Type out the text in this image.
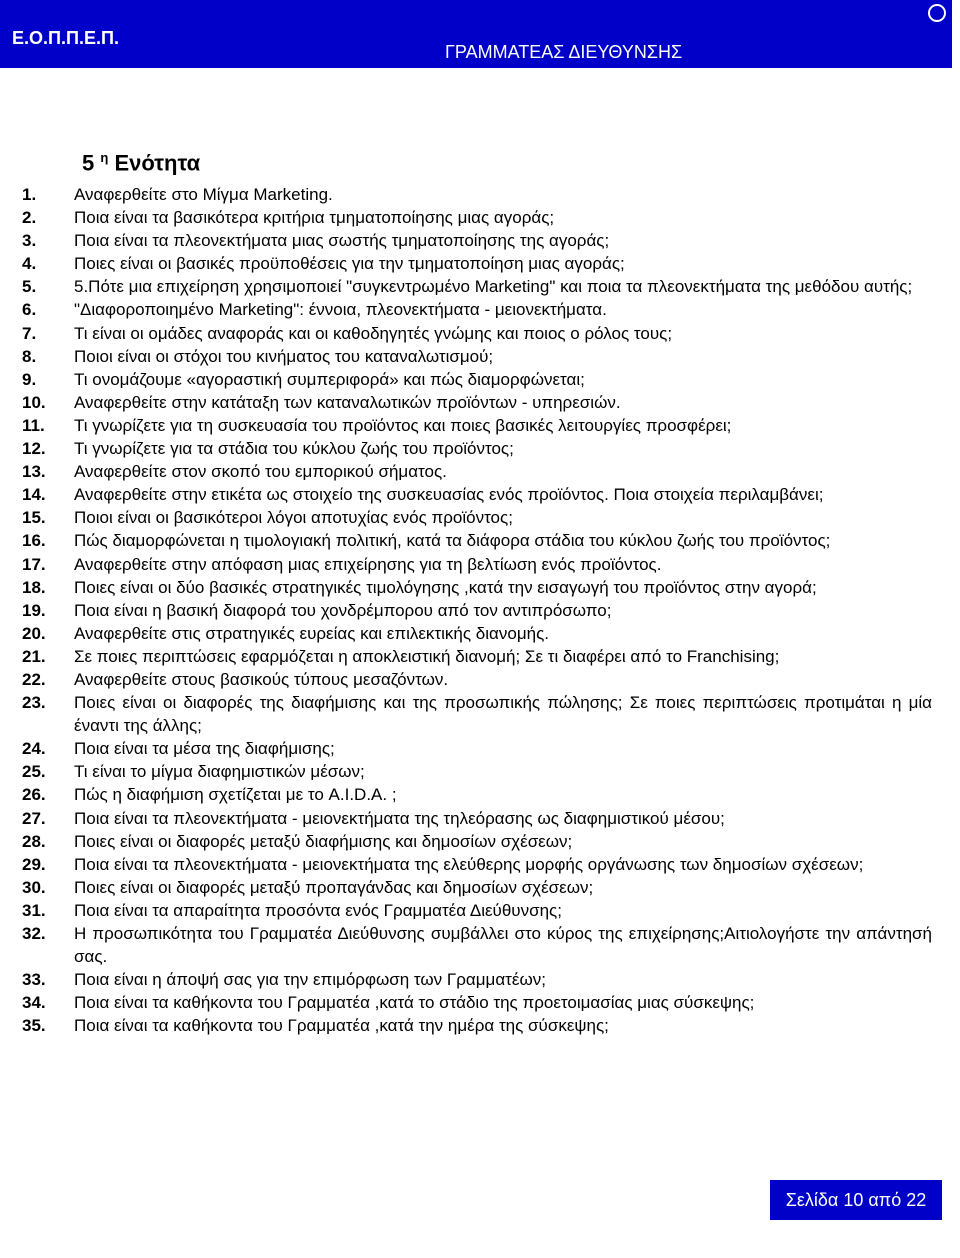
Ε.Ο.Π.Π.Ε.Π.
ΓΡΑΜΜΑΤΕΑΣ ΔΙΕΥΘΥΝΣΗΣ
5 $^\eta$ Ενότητα
1.	Αναφερθείτε στο Μίγμα Marketing.
2.	Ποια είναι τα βασικότερα κριτήρια τμηματοποίησης μιας αγοράς;
3.	Ποια είναι τα πλεονεκτήματα μιας σωστής τμηματοποίησης της αγοράς;
4.	Ποιες είναι οι βασικές προϋποθέσεις για την τμηματοποίηση μιας αγοράς;
5.	5.Πότε μια επιχείρηση χρησιμοποιεί "συγκεντρωμένο Marketing" και ποια τα πλεονεκτήματα της μεθόδου αυτής;
6.	"Διαφοροποιημένο Marketing": έννοια, πλεονεκτήματα - μειονεκτήματα.
7.	Τι είναι οι ομάδες αναφοράς και οι καθοδηγητές γνώμης και ποιος ο ρόλος τους;
8.	Ποιοι είναι οι στόχοι του κινήματος του καταναλωτισμού;
9.	Τι ονομάζουμε «αγοραστική συμπεριφορά» και πώς διαμορφώνεται;
10.	Αναφερθείτε στην κατάταξη των καταναλωτικών προϊόντων - υπηρεσιών.
11.	Τι γνωρίζετε για τη συσκευασία του προϊόντος και ποιες βασικές λειτουργίες προσφέρει;
12.	Τι γνωρίζετε για τα στάδια του κύκλου ζωής του προϊόντος;
13.	Αναφερθείτε στον σκοπό του εμπορικού σήματος.
14.	Αναφερθείτε στην ετικέτα ως στοιχείο της συσκευασίας ενός προϊόντος. Ποια στοιχεία περιλαμβάνει;
15.	Ποιοι είναι οι βασικότεροι λόγοι αποτυχίας ενός προϊόντος;
16.	Πώς διαμορφώνεται η τιμολογιακή πολιτική, κατά τα διάφορα στάδια του κύκλου ζωής του προϊόντος;
17.	Αναφερθείτε στην απόφαση μιας επιχείρησης για τη βελτίωση ενός προϊόντος.
18.	Ποιες είναι οι δύο βασικές στρατηγικές τιμολόγησης ,κατά την εισαγωγή του προϊόντος στην αγορά;
19.	Ποια είναι η βασική διαφορά του χονδρέμπορου από τον αντιπρόσωπο;
20.	Αναφερθείτε στις στρατηγικές ευρείας και επιλεκτικής διανομής.
21.	Σε ποιες περιπτώσεις εφαρμόζεται η αποκλειστική διανομή; Σε τι διαφέρει από το Franchising;
22.	Αναφερθείτε στους βασικούς τύπους μεσαζόντων.
23.	Ποιες είναι οι διαφορές της διαφήμισης και της προσωπικής πώλησης; Σε ποιες περιπτώσεις προτιμάται η μία έναντι της άλλης;
24.	Ποια είναι τα μέσα της διαφήμισης;
25.	Τι είναι το μίγμα διαφημιστικών μέσων;
26.	Πώς η διαφήμιση σχετίζεται με το A.I.D.A. ;
27.	Ποια είναι τα πλεονεκτήματα - μειονεκτήματα της τηλεόρασης ως διαφημιστικού μέσου;
28.	Ποιες είναι οι διαφορές μεταξύ διαφήμισης και δημοσίων σχέσεων;
29.	Ποια είναι τα πλεονεκτήματα - μειονεκτήματα της ελεύθερης μορφής οργάνωσης των δημοσίων σχέσεων;
30.	Ποιες είναι οι διαφορές μεταξύ προπαγάνδας και δημοσίων σχέσεων;
31.	Ποια είναι τα απαραίτητα προσόντα ενός Γραμματέα Διεύθυνσης;
32.	Η προσωπικότητα του Γραμματέα Διεύθυνσης συμβάλλει στο κύρος της επιχείρησης;Αιτιολογήστε την απάντησή σας.
33.	Ποια είναι η άποψή σας για την επιμόρφωση των Γραμματέων;
34.	Ποια είναι τα καθήκοντα του Γραμματέα ,κατά το στάδιο της προετοιμασίας μιας σύσκεψης;
35.	Ποια είναι τα καθήκοντα του Γραμματέα ,κατά την ημέρα της σύσκεψης;
Σελίδα 10 από 22
